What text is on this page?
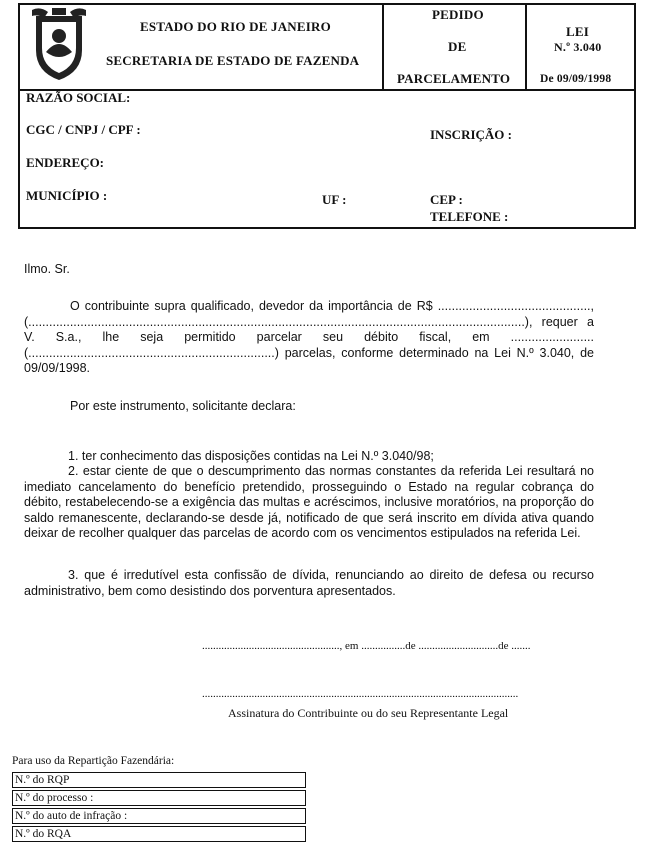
ESTADO DO RIO DE JANEIRO
SECRETARIA DE ESTADO DE FAZENDA
PEDIDO
DE
PARCELAMENTO
LEI
N.º 3.040
De 09/09/1998
RAZÃO SOCIAL:
CGC / CNPJ / CPF :	INSCRIÇÃO :
ENDEREÇO:
MUNICÍPIO :	UF :	CEP :
TELEFONE :
Ilmo. Sr.
O contribuinte supra qualificado, devedor da importância de R$ ............................................, (...............................................................................................................................................), requer a V. S.a., lhe seja permitido parcelar seu débito fiscal, em ........................ (.......................................................................) parcelas, conforme determinado na Lei N.º 3.040, de 09/09/1998.
Por este instrumento, solicitante declara:
1. ter conhecimento das disposições contidas na Lei N.º 3.040/98;
2. estar ciente de que o descumprimento das normas constantes da referida Lei resultará no imediato cancelamento do benefício pretendido, prosseguindo o Estado na regular cobrança do débito, restabelecendo-se a exigência das multas e acréscimos, inclusive moratórios, na proporção do saldo remanescente, declarando-se desde já, notificado de que será inscrito em dívida ativa quando deixar de recolher qualquer das parcelas de acordo com os vencimentos estipulados na referida Lei.
3. que é irredutível esta confissão de dívida, renunciando ao direito de defesa ou recurso administrativo, bem como desistindo dos porventura apresentados.
.................................................., em ................de .............................de .......
...................................................................................................................
Assinatura do Contribuinte ou do seu Representante Legal
Para uso da Repartição Fazendária:
N.º do RQP
N.º do processo :
N.º do auto de infração :
N.º do RQA
